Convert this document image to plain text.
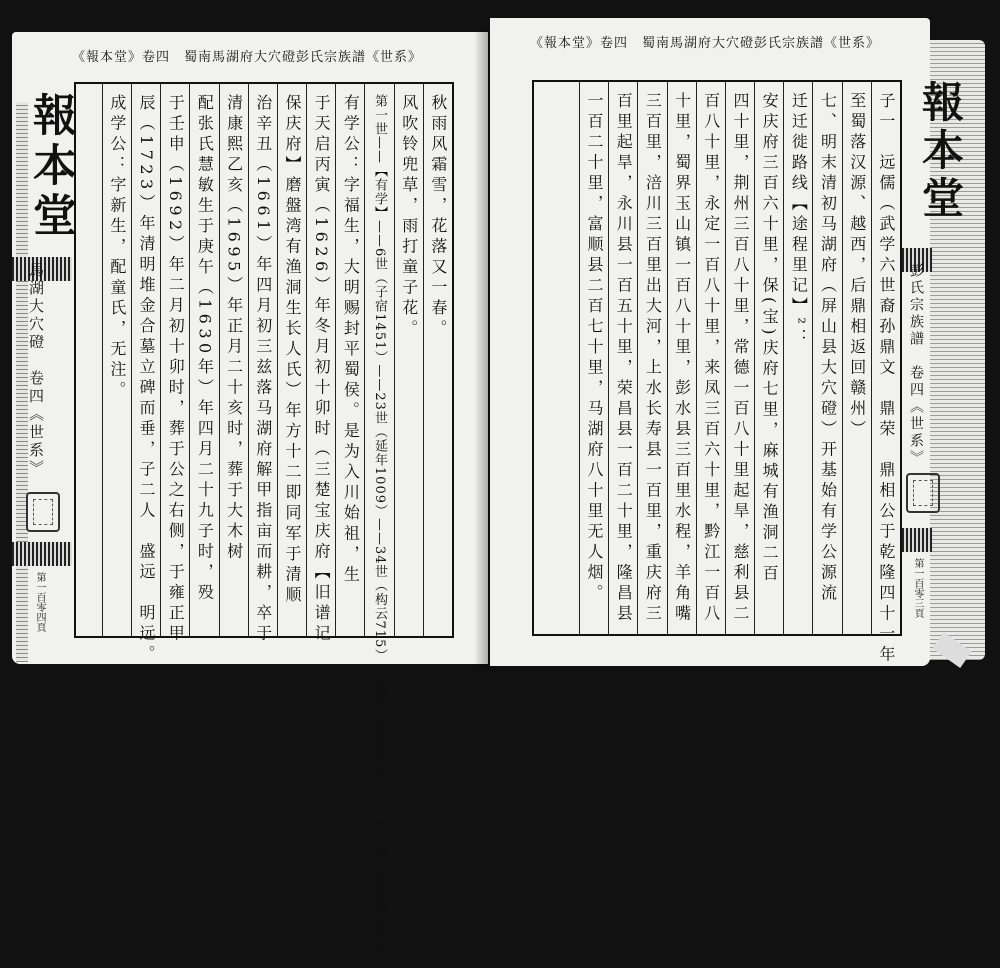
《報本堂》卷四　蜀南馬湖府大穴磴彭氏宗族譜《世系》
報本堂
馬湖大穴磴　卷四《世系》
第一百零四頁
秋雨风霜雪，花落又一春。
风吹铃兜草，雨打童子花。
第一世——【有学】——6世（子宿1451）——23世（延年1009）——34世（构云715）　59世（宣公前74）——141世（彭祖前2325）
有学公：字福生，大明赐封平蜀侯。是为入川始祖，生
于天启丙寅（1626）年冬月初十卯时（三楚宝庆府【旧谱记
保庆府】磨盤湾有渔洞生长人氏）年方十二即同军于清顺
治辛丑（1661）年四月初三兹落马湖府解甲指亩而耕，卒于
清康熙乙亥（1695）年正月二十亥时，葬于大木树
配张氏慧敏生于庚午（1630年）年四月二十九子时，殁
于壬申（1692）年二月初十卯时，葬于公之右侧，于雍正甲
辰（1723）年清明堆金合墓立碑而垂，子二人　盛远　明远。
成学公：字新生，配童氏，无注。
《報本堂》卷四　蜀南馬湖府大穴磴彭氏宗族譜《世系》
報本堂
彭氏宗族譜　卷四《世系》
第一百零三頁
子一　远儒（武学六世裔孙鼎文　鼎荣　鼎相公于乾隆四十一年
至蜀落汉源、越西，后鼎相返回赣州）
七、明末清初马湖府（屏山县大穴磴）开基始有学公源流
迁迁徙路线【途程里记】²：
安庆府三百六十里，保(宝)庆府七里，麻城有渔洞二百
四十里，荆州三百八十里，常德一百八十里起旱，慈利县二
百八十里，永定一百八十里，来凤三百六十里，黔江一百八
十里，蜀界玉山镇一百八十里，彭水县三百里水程，羊角嘴
三百里，涪川三百里出大河，上水长寿县一百里，重庆府三
百里起旱，永川县一百五十里，荣昌县一百二十里，隆昌县
一百二十里，富顺县二百七十里，马湖府八十里无人烟。
